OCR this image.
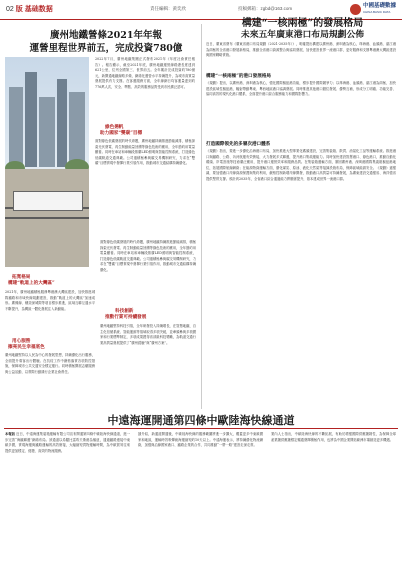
02 版 基础数据	責任編輯：黃奕欣	投稿郵箱：zgbd@163.com	中國基礎數據
CHINA BASIC DATA
廣州地鐵營條2021年年報
運營里程世界前五，完成投資780億
2022年7月，廣州地鐵集團正式發布2021年《年度社會責任報告》。報告顯示，截至2021年底，廣州地鐵運營線路總長度達到621公里，位列全國第三、世界前五。全年累計完成投資約780億元，新開通地鐵線路多條，網絡化運營水平持續提升，為城市高質量發展提供有力支撐。在客運服務方面，全年線網日均客運量達到約776萬人次，安全、準點、高效的服務品質受到市民廣泛認可。
綠色揚帆
助力國家“雙碳”目標
面對綠色低碳發展的時代命題，廣州地鐵持續推進節能減排，積極探索光伏發電、再生制動能量回饋等綠色技術的應用，全年節約用電量顯著。同時在車站和車輛段推廣LED照明與智能控制系統，打造綠色低碳軌道交通典範。公司還積極參與碳交易機制研究，力求在“雙碳”目標實現中發揮行業引領作用，推動城市交通結構持續優化。
拓寬格局
構建“軌道上的大灣區”
2021年，廣州地鐵積極服務粵港澳大灣區建設，加快推進城際鐵路和市域快線規劃建設，推動“軌道上的大灣區”加速成形。廣佛線、穗莞深城際等項目穩步推進，區域互聯互通水平不斷提升，為灣區一體化發展注入新動能。
用心服務
擦亮民生幸福底色
廣州地鐵堅持以人民為中心的發展思想，持續優化出行服務，全面提升乘客出行體驗。在抗疫工作中嚴格落實各項防控措施，保障城市公共交通安全穩定運行。同時積極開展志願服務與公益活動，以實際行動踐行企業社會責任。
科技創新
推動行業可持續發展
廣州地鐵堅持科技引領，全年研發投入持續增長，在智慧地鐵、自主化信號系統、智能運維等領域取得多項突破，並牽頭參與多項國家和行業標準制定，多項成果獲得省部級科技獎勵，為軌道交通行業高質量發展提供了“廣州經驗”與“廣州方案”。
面對綠色低碳發展的時代命題，廣州地鐵持續推進節能減排，積極探索光伏發電、再生制動能量回饋等綠色技術的應用，全年節約用電量顯著。同時在車站和車輛段推廣LED照明與智能控制系統，打造綠色低碳軌道交通典範。公司還積極參與碳交易機制研究，力求在“雙碳”目標實現中發揮行業引領作用，推動城市交通結構持續優化。
構建“一核兩極”的發展格局
未來五年廣東港口布局規劃公佈
近日，廣東省發布《廣東省港口布局規劃（2021-2035年）》，明確提出構建以廣州港、深圳港為核心，珠海港、汕頭港、湛江港為兩極的全省港口發展新格局，推動全省港口資源整合與協同發展，加快建設世界一流港口群，更好服務和支撐粵港澳大灣區建設與國家戰略實施。
構建“一核兩極”的港口發展格局
《規劃》提出，以廣州港、深圳港為核心，強化國際樞紐港功能，穩步提升國際競爭力；以珠海港、汕頭港、湛江港為兩極，加快建設區域性樞紐港，輻射帶動粵東、粵西地區港口協調發展。同時推進其他港口錯位發展、優勢互補，形成分工明確、功能完善、協同高效的現代化港口體系，全面提升港口綜合服務能力和國際影響力。
打造國際領先的多層次港口體系
《規劃》指出，要進一步優化沿海港口布局，加快推進大型專業化碼頭建設，完善集裝箱、散貨、油氣化工品等運輸系統。推進港口與鐵路、公路、內河航運有效銜接，大力發展多式聯運，提升港口集疏運能力。同時加快建設智慧港口、綠色港口，推動自動化碼頭、岸電設施等技術廣泛應用，提升港口運營效率和服務品質。在集裝箱運輸方面，鞏固廣州港、深圳港國際集裝箱樞紐港地位，拓展國際航線網絡；在能源物資運輸方面，優化煤炭、原油、液化天然氣等接卸設施布局，保障區域能源安全。《規劃》還強調，要加強港口岸線資源保護與集約利用，嚴格控制新增岸線開發，推動港口高質量可持續發展，為廣東建設交通強省、海洋強省提供堅實支撐。預計到2035年，全省港口綜合通過能力將顯著提升，基本建成世界一流港口群。
中遠海運開通第四條中歐陸海快線通道
本報訊 近日，中遠海運集裝箱運輸有限公司宣布開通第四條中歐陸海快線通道，進一步完善“海鐵聯運”網絡布局。該通道以希臘比雷埃夫斯港為樞紐，通過鐵路連接中東歐多國，實現海運與鐵路運輸的高效銜接，大幅縮短貨物運輸時間，為中歐貿易往來提供更加穩定、便捷、高效的物流服務。
據介紹，新通道開通後，中歐陸海快線的服務範圍將進一步擴大，覆蓋更多中東歐國家和地區，運輸時效較傳統海運縮短約10天以上。中遠海運表示，將持續優化物流網絡，加強與沿線國家港口、鐵路企業的合作，共同推動“一帶一路”建設走深走實。
業內人士指出，中歐陸海快線的不斷拓展，有助於增強國際供應鏈韌性，為保障全球產業鏈供應鏈穩定暢通發揮積極作用，也將為中國企業開拓歐洲市場創造更多機遇。
